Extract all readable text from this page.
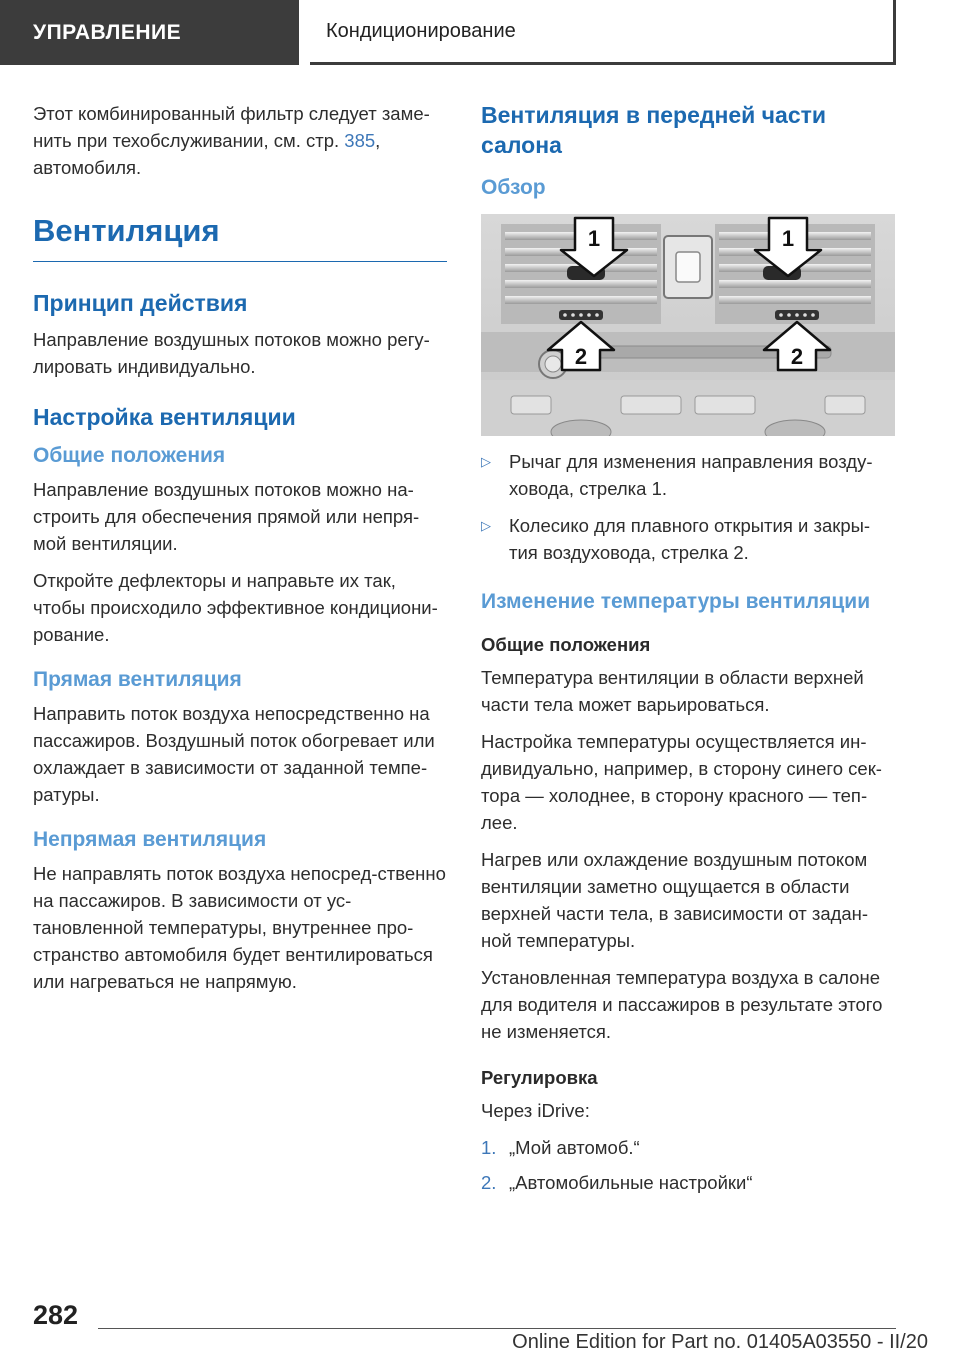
УПРАВЛЕНИЕ	Кондиционирование

Этот комбинированный фильтр следует заме-нить при техобслуживании, см. стр. 385, автомобиля.

Вентиляция
Принцип действия

Направление воздушных потоков можно регу-лировать индивидуально.

Настройка вентиляции
Общие положения

Направление воздушных потоков можно на-строить для обеспечения прямой или непря-мой вентиляции.

Откройте дефлекторы и направьте их так, чтобы происходило эффективное кондициони-рование.

Прямая вентиляция

Направить поток воздуха непосредственно на пассажиров. Воздушный поток обогревает или охлаждает в зависимости от заданной темпе-ратуры.

Непрямая вентиляция

Не направлять поток воздуха непосред-ственно на пассажиров. В зависимости от ус-тановленной температуры, внутреннее про-странство автомобиля будет вентилироваться или нагреваться не напрямую.

Вентиляция в передней части салона
Обзор
1	1
2	2
▷ Рычаг для изменения направления возду-ховода, стрелка 1.
▷ Колесико для плавного открытия и закры-тия воздуховода, стрелка 2.
Изменение температуры вентиляции
Общие положения

Температура вентиляции в области верхней части тела может варьироваться.

Настройка температуры осуществляется ин-дивидуально, например, в сторону синего сек-тора — холоднее, в сторону красного — теп-лее.

Нагрев или охлаждение воздушным потоком вентиляции заметно ощущается в области верхней части тела, в зависимости от задан-ной температуры.

Установленная температура воздуха в салоне для водителя и пассажиров в результате этого не изменяется.

Регулировка

Через iDrive:

1. „Мой автомоб.“
2. „Автомобильные настройки“
282
Online Edition for Part no. 01405A03550 - II/20
